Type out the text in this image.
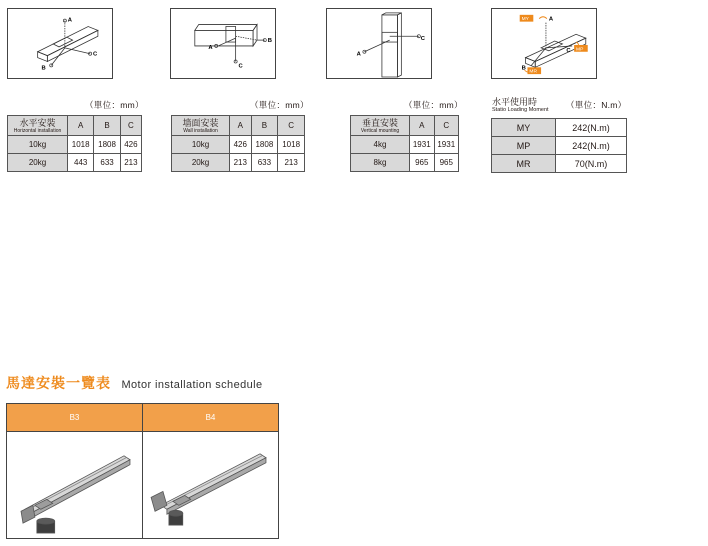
A
B
C
A
B
C
A
C
MY
MP
MR
A
B
C
（單位：mm）	（單位：mm）	（單位：mm）	（單位：N.m）
水平安裝
Horizontal installation	A	B	C
10kg	1018	1808	426
20kg	443	633	213
墙面安装
Wall installation	A	B	C
10kg	426	1808	1018
20kg	213	633	213
垂直安裝
Vertical mounting	A	C
4kg	1931	1931
8kg	965	965
水平使用時
Statio Loading Moment
MY	242(N.m)
MP	242(N.m)
MR	70(N.m)
馬達安裝一覽表 Motor installation schedule
B3	B4
